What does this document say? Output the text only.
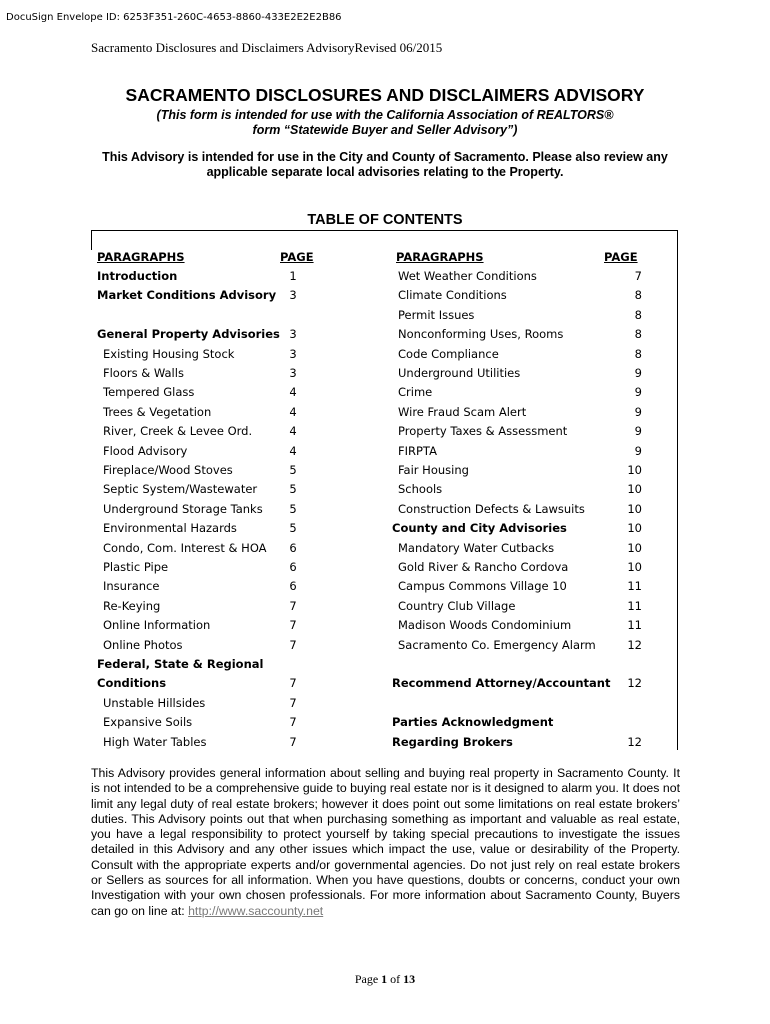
DocuSign Envelope ID: 6253F351-260C-4653-8860-433E2E2E2B86
Sacramento Disclosures and Disclaimers AdvisoryRevised 06/2015
SACRAMENTO DISCLOSURES AND DISCLAIMERS ADVISORY
(This form is intended for use with the California Association of REALTORS®
form “Statewide Buyer and Seller Advisory”)
This Advisory is intended for use in the City and County of Sacramento. Please also review any
applicable separate local advisories relating to the Property.
TABLE OF CONTENTS
PARAGRAPHS	PAGE	PARAGRAPHS	PAGE
Introduction	1
Market Conditions Advisory	3
General Property Advisories 3
Existing Housing Stock	3
Floors & Walls	3
Tempered Glass	4
Trees & Vegetation	4
River, Creek & Levee Ord.	4
Flood Advisory	4
Fireplace/Wood Stoves	5
Septic System/Wastewater	5
Underground Storage Tanks	5
Environmental Hazards	5
Condo, Com. Interest & HOA	6
Plastic Pipe	6
Insurance	6
Re-Keying	7
Online Information	7
Online Photos	7
Federal, State & Regional
Conditions	7
Unstable Hillsides	7
Expansive Soils	7
High Water Tables	7
Wet Weather Conditions	7
Climate Conditions	8
Permit Issues	8
Nonconforming Uses, Rooms	8
Code Compliance	8
Underground Utilities	9
Crime	9
Wire Fraud Scam Alert	9
Property Taxes & Assessment	9
FIRPTA	9
Fair Housing	10
Schools	10
Construction Defects & Lawsuits	10
County and City Advisories	10
Mandatory Water Cutbacks	10
Gold River & Rancho Cordova	10
Campus Commons Village 10	11
Country Club Village	11
Madison Woods Condominium	11
Sacramento Co. Emergency Alarm	12
Recommend Attorney/Accountant	12
Parties Acknowledgment
Regarding Brokers	12
This Advisory provides general information about selling and buying real property in Sacramento County. It is not intended to be a comprehensive guide to buying real estate nor is it designed to alarm you. It does not limit any legal duty of real estate brokers; however it does point out some limitations on real estate brokers’ duties. This Advisory points out that when purchasing something as important and valuable as real estate, you have a legal responsibility to protect yourself by taking special precautions to investigate the issues detailed in this Advisory and any other issues which impact the use, value or desirability of the Property. Consult with the appropriate experts and/or governmental agencies. Do not just rely on real estate brokers or Sellers as sources for all information. When you have questions, doubts or concerns, conduct your own Investigation with your own chosen professionals. For more information about Sacramento County, Buyers can go on line at: http://www.saccounty.net
Page 1 of 13
